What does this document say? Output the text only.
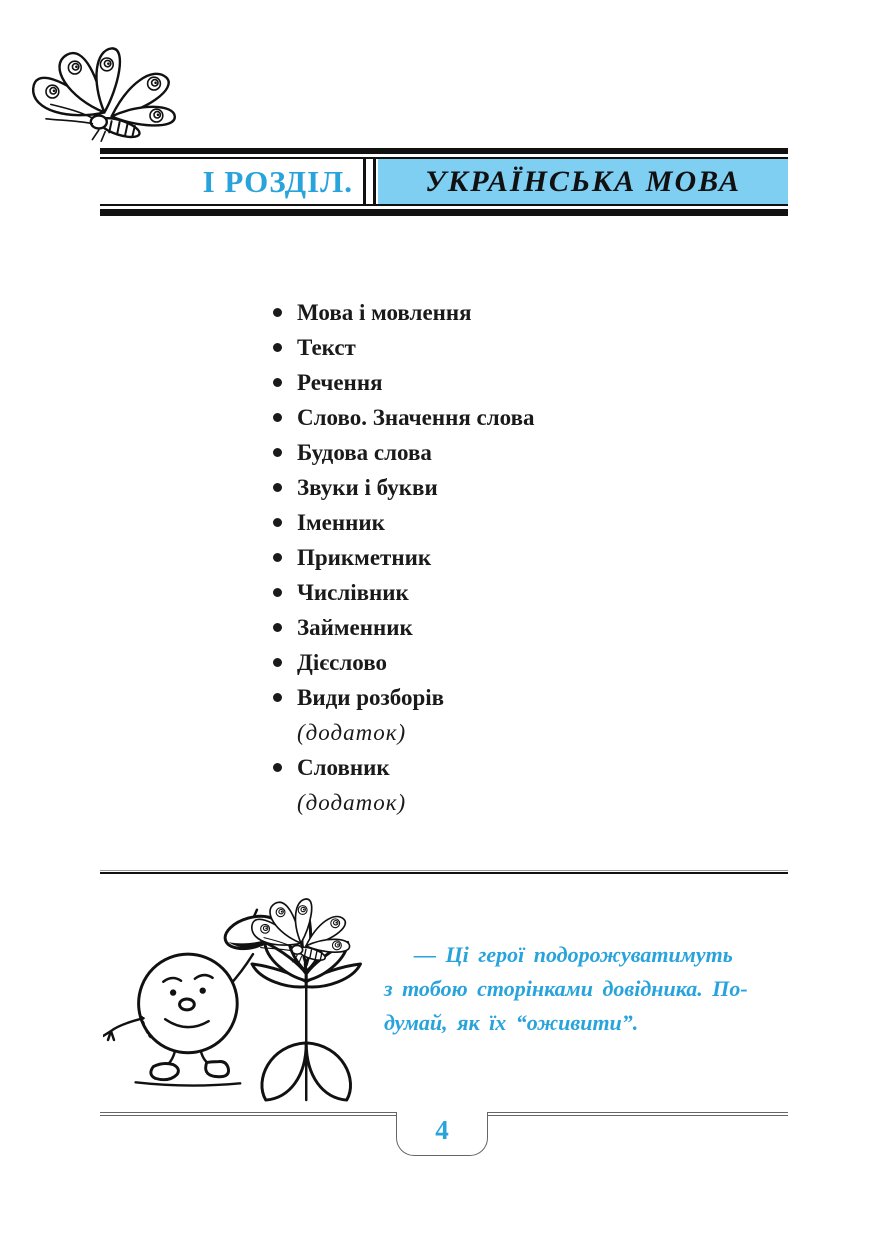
І РОЗДІЛ. УКРАЇНСЬКА МОВА
Мова і мовлення
Текст
Речення
Слово. Значення слова
Будова слова
Звуки і букви
Іменник
Прикметник
Числівник
Займенник
Дієслово
Види розборів
(додаток)
Словник
(додаток)
— Ці герої подорожуватимуть
з тобою сторінками довідника. По-
думай, як їх “оживити”.
4
